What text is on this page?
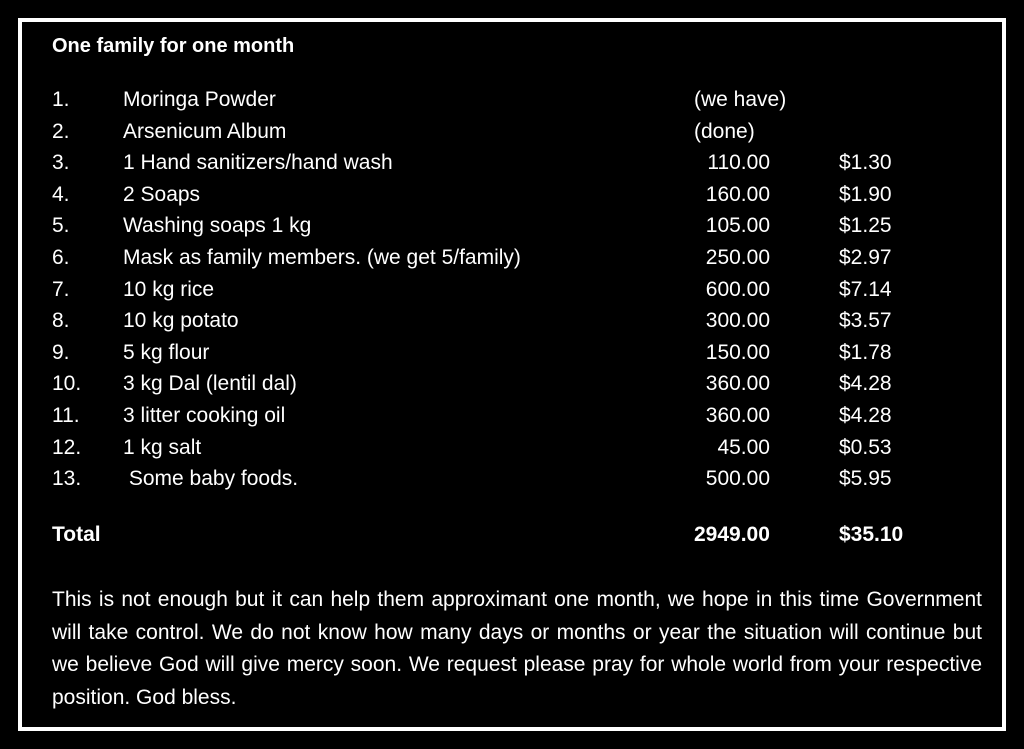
One family for one month
1.	Moringa Powder	(we have)
2.	Arsenicum Album	(done)
3.	1 Hand sanitizers/hand wash	110.00	$1.30
4.	2 Soaps	160.00	$1.90
5.	Washing soaps 1 kg	105.00	$1.25
6.	Mask as family members. (we get 5/family)	250.00	$2.97
7.	10 kg rice	600.00	$7.14
8.	10 kg potato	300.00	$3.57
9.	5 kg flour	150.00	$1.78
10. 3 kg Dal (lentil dal)	360.00	$4.28
11. 3 litter cooking oil	360.00	$4.28
12. 1 kg salt	45.00	$0.53
13. Some baby foods.	500.00	$5.95
Total	2949.00	$35.10

This is not enough but it can help them approximant one month, we hope in this time Government will take control. We do not know how many days or months or year the situation will continue but we believe God will give mercy soon. We request please pray for whole world from your respective position. God bless.
